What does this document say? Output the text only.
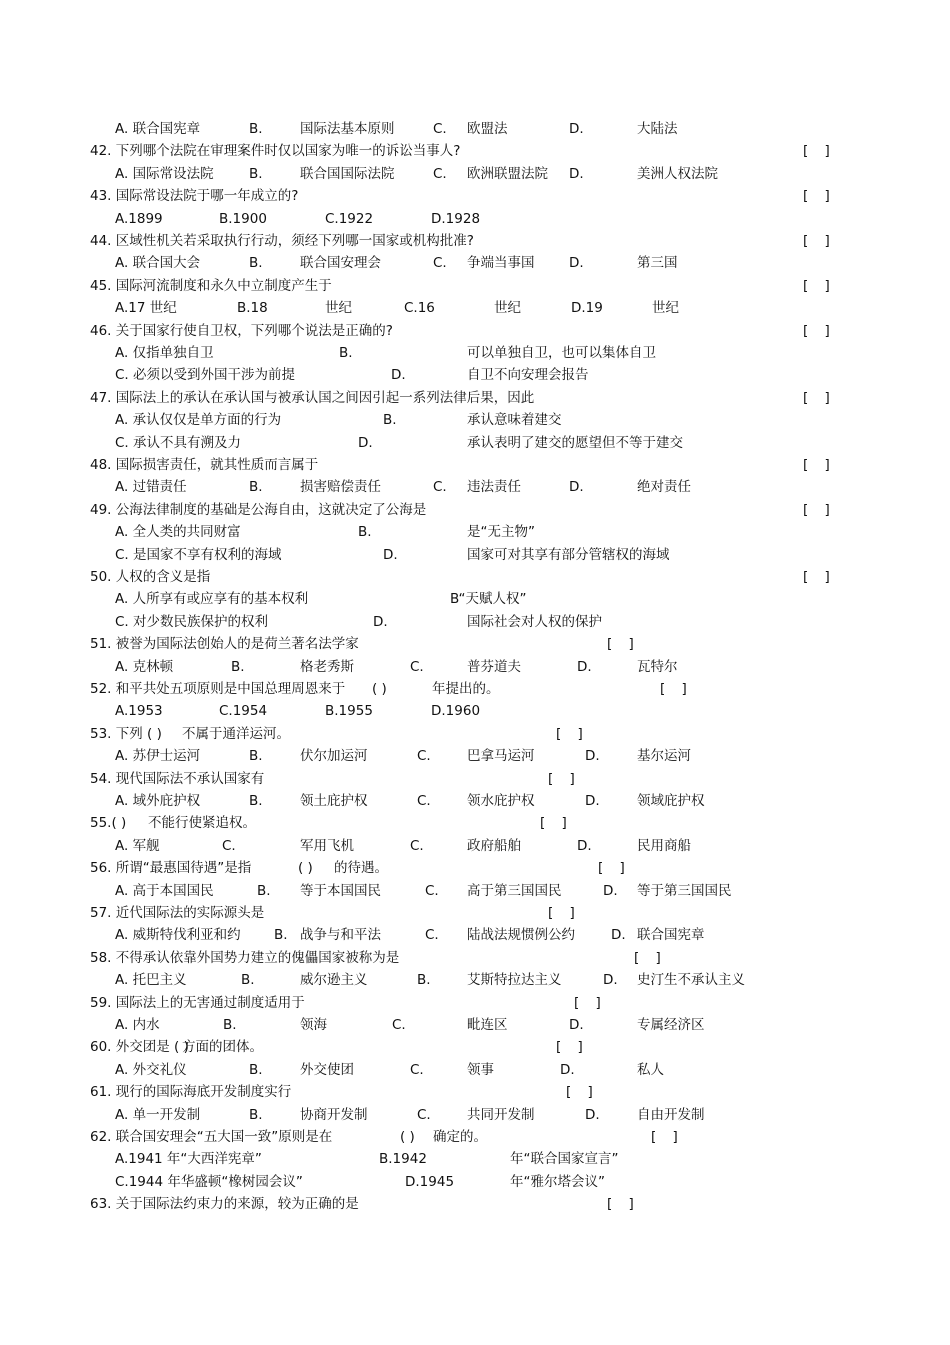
A. 联合国宪章	B.	国际法基本原则	C. 欧盟法	D.	大陆法
42. 下列哪个法院在审理案件时仅以国家为唯一的诉讼当事人?	[ ]
A. 国际常设法院	B.	联合国国际法院	C. 欧洲联盟法院 D.	美洲人权法院
43. 国际常设法院于哪一年成立的?	[ ]
A.1899	B.1900	C.1922	D.1928
44. 区域性机关若采取执行行动，须经下列哪一国家或机构批准?	[ ]
A. 联合国大会	B.	联合国安理会	C. 争端当事国	D.	第三国
45. 国际河流制度和永久中立制度产生于	[ ]
A.17 世纪	B.18	世纪	C.16	世纪	D.19	世纪
46. 关于国家行使自卫权，下列哪个说法是正确的?	[ ]
A. 仅指单独自卫	B.	可以单独自卫，也可以集体自卫
C. 必须以受到外国干涉为前提	D.	自卫不向安理会报告
47. 国际法上的承认在承认国与被承认国之间因引起一系列法律后果，因此	[ ]
A. 承认仅仅是单方面的行为	B.	承认意味着建交
C. 承认不具有溯及力	D.	承认表明了建交的愿望但不等于建交
48. 国际损害责任，就其性质而言属于	[ ]
A. 过错责任	B.	损害赔偿责任	C. 违法责任	D.	绝对责任
49. 公海法律制度的基础是公海自由，这就决定了公海是	[ ]
A. 全人类的共同财富	B.	是“无主物”
C. 是国家不享有权利的海域	D.	国家可对其享有部分管辖权的海域
50. 人权的含义是指	[ ]
A. 人所享有或应享有的基本权利	B“天赋人权”
C. 对少数民族保护的权利	D.	国际社会对人权的保护
51. 被誉为国际法创始人的是荷兰著名法学家	[ ]
A. 克林顿	B.	格老秀斯	C.	普芬道夫	D.	瓦特尔
52. 和平共处五项原则是中国总理周恩来于 ( )	年提出的。	[ ]
A.1953	C.1954	B.1955	D.1960
53. 下列 ( ) 不属于通洋运河。	[ ]
A. 苏伊士运河	B.	伏尔加运河	C.	巴拿马运河	D.	基尔运河
54. 现代国际法不承认国家有	[ ]
A. 域外庇护权	B.	领土庇护权	C.	领水庇护权	D.	领域庇护权
55.( ) 不能行使紧追权。	[ ]
A. 军舰	C.	军用飞机	C.	政府船舶	D.	民用商船
56. 所谓“最惠国待遇”是指	( ) 的待遇。	[ ]
A. 高于本国国民	B. 等于本国国民	C. 高于第三国国民	D. 等于第三国国民
57. 近代国际法的实际源头是	[ ]
A. 威斯特伐利亚和约 B. 战争与和平法	C. 陆战法规惯例公约	D. 联合国宪章
58. 不得承认依靠外国势力建立的傀儡国家被称为是	[ ]
A. 托巴主义	B.	威尔逊主义	B.	艾斯特拉达主义	D. 史汀生不承认主义
59. 国际法上的无害通过制度适用于	[ ]
A. 内水	B.	领海	C.	毗连区	D.	专属经济区
60. 外交团是 ( )
方面的团体。	[ ]
A. 外交礼仪	B.	外交使团	C.	领事	D.	私人
61. 现行的国际海底开发制度实行	[ ]
A. 单一开发制	B.	协商开发制	C.	共同开发制	D.	自由开发制
62. 联合国安理会“五大国一致”原则是在	( ) 确定的。	[ ]
A.1941 年“大西洋宪章”	B.1942	年“联合国家宣言”
C.1944 年华盛顿“橡树园会议”	D.1945	年“雅尔塔会议”
63. 关于国际法约束力的来源，较为正确的是	[ ]
